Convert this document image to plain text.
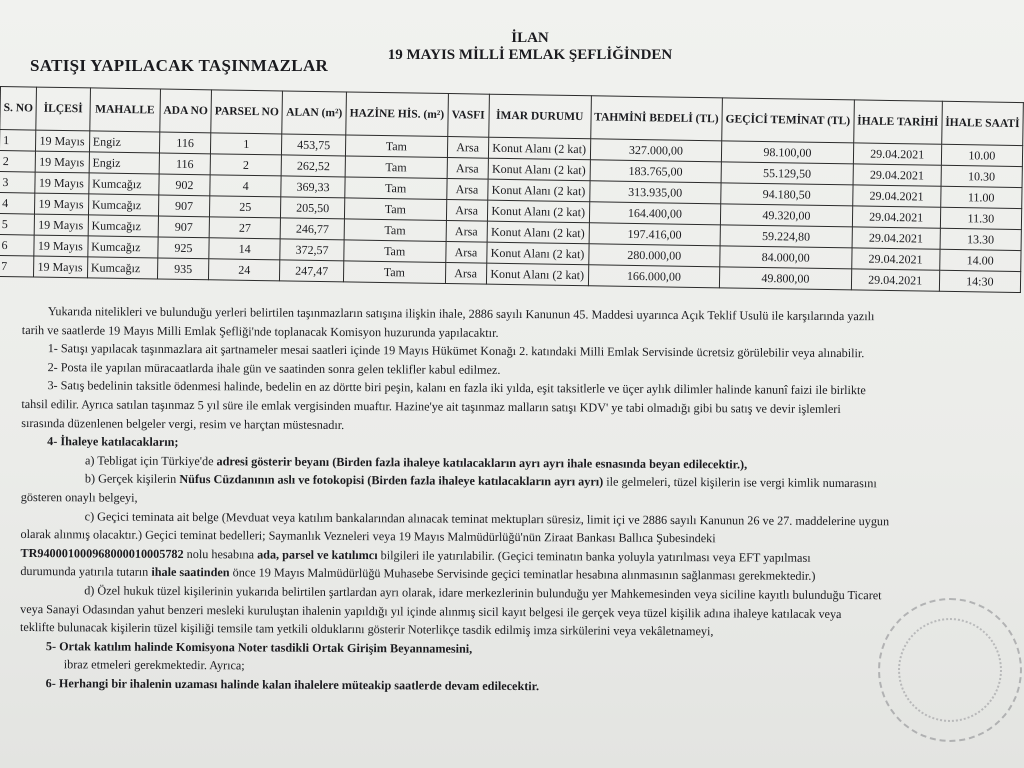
İLAN
19 MAYIS MİLLİ EMLAK ŞEFLİĞİNDEN
SATIŞI YAPILACAK TAŞINMAZLAR
S. NO	İLÇESİ	MAHALLE	ADA NO	PARSEL NO	ALAN (m²)	HAZİNE HİS. (m²)	VASFI	İMAR DURUMU	TAHMİNİ BEDELİ (TL)	GEÇİCİ TEMİNAT (TL)	İHALE TARİHİ	İHALE SAATİ
1	19 Mayıs	Engiz	116	1	453,75	Tam	Arsa	Konut Alanı (2 kat)	327.000,00	98.100,00	29.04.2021	10.00
2	19 Mayıs	Engiz	116	2	262,52	Tam	Arsa	Konut Alanı (2 kat)	183.765,00	55.129,50	29.04.2021	10.30
3	19 Mayıs	Kumcağız	902	4	369,33	Tam	Arsa	Konut Alanı (2 kat)	313.935,00	94.180,50	29.04.2021	11.00
4	19 Mayıs	Kumcağız	907	25	205,50	Tam	Arsa	Konut Alanı (2 kat)	164.400,00	49.320,00	29.04.2021	11.30
5	19 Mayıs	Kumcağız	907	27	246,77	Tam	Arsa	Konut Alanı (2 kat)	197.416,00	59.224,80	29.04.2021	13.30
6	19 Mayıs	Kumcağız	925	14	372,57	Tam	Arsa	Konut Alanı (2 kat)	280.000,00	84.000,00	29.04.2021	14.00
7	19 Mayıs	Kumcağız	935	24	247,47	Tam	Arsa	Konut Alanı (2 kat)	166.000,00	49.800,00	29.04.2021	14:30

Yukarıda nitelikleri ve bulunduğu yerleri belirtilen taşınmazların satışına ilişkin ihale, 2886 sayılı Kanunun 45. Maddesi uyarınca Açık Teklif Usulü ile karşılarında yazılı

tarih ve saatlerde 19 Mayıs Milli Emlak Şefliği'nde toplanacak Komisyon huzurunda yapılacaktır.

1- Satışı yapılacak taşınmazlara ait şartnameler mesai saatleri içinde 19 Mayıs Hükümet Konağı 2. katındaki Milli Emlak Servisinde ücretsiz görülebilir veya alınabilir.

2- Posta ile yapılan müracaatlarda ihale gün ve saatinden sonra gelen teklifler kabul edilmez.

3- Satış bedelinin taksitle ödenmesi halinde, bedelin en az dörtte biri peşin, kalanı en fazla iki yılda, eşit taksitlerle ve üçer aylık dilimler halinde kanunî faizi ile birlikte

tahsil edilir. Ayrıca satılan taşınmaz 5 yıl süre ile emlak vergisinden muaftır. Hazine'ye ait taşınmaz malların satışı KDV' ye tabi olmadığı gibi bu satış ve devir işlemleri

sırasında düzenlenen belgeler vergi, resim ve harçtan müstesnadır.

4- İhaleye katılacakların;

a) Tebligat için Türkiye'de adresi gösterir beyanı (Birden fazla ihaleye katılacakların ayrı ayrı ihale esnasında beyan edilecektir.),

b) Gerçek kişilerin Nüfus Cüzdanının aslı ve fotokopisi (Birden fazla ihaleye katılacakların ayrı ayrı) ile gelmeleri, tüzel kişilerin ise vergi kimlik numarasını

gösteren onaylı belgeyi,

c) Geçici teminata ait belge (Mevduat veya katılım bankalarından alınacak teminat mektupları süresiz, limit içi ve 2886 sayılı Kanunun 26 ve 27. maddelerine uygun

olarak alınmış olacaktır.) Geçici teminat bedelleri; Saymanlık Vezneleri veya 19 Mayıs Malmüdürlüğü'nün Ziraat Bankası Ballıca Şubesindeki

TR940001000968000010005782 nolu hesabına ada, parsel ve katılımcı bilgileri ile yatırılabilir. (Geçici teminatın banka yoluyla yatırılması veya EFT yapılması

durumunda yatırıla tutarın ihale saatinden önce 19 Mayıs Malmüdürlüğü Muhasebe Servisinde geçici teminatlar hesabına alınmasının sağlanması gerekmektedir.)

d) Özel hukuk tüzel kişilerinin yukarıda belirtilen şartlardan ayrı olarak, idare merkezlerinin bulunduğu yer Mahkemesinden veya siciline kayıtlı bulunduğu Ticaret

veya Sanayi Odasından yahut benzeri mesleki kuruluştan ihalenin yapıldığı yıl içinde alınmış sicil kayıt belgesi ile gerçek veya tüzel kişilik adına ihaleye katılacak veya

teklifte bulunacak kişilerin tüzel kişiliği temsile tam yetkili olduklarını gösterir Noterlikçe tasdik edilmiş imza sirkülerini veya vekâletnameyi,

5- Ortak katılım halinde Komisyona Noter tasdikli Ortak Girişim Beyannamesini,

ibraz etmeleri gerekmektedir. Ayrıca;

6- Herhangi bir ihalenin uzaması halinde kalan ihalelere müteakip saatlerde devam edilecektir.
